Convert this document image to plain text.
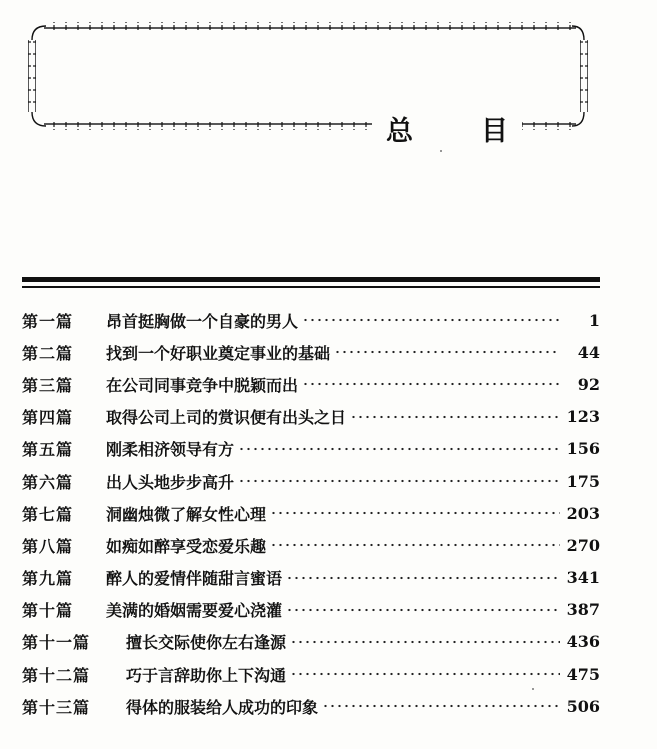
总	目
第一篇	昂首挺胸做一个自豪的男人	1
第二篇	找到一个好职业奠定事业的基础	44
第三篇	在公司同事竞争中脱颖而出	92
第四篇	取得公司上司的赏识便有出头之日	123
第五篇	刚柔相济领导有方	156
第六篇	出人头地步步高升	175
第七篇	洞幽烛微了解女性心理	203
第八篇	如痴如醉享受恋爱乐趣	270
第九篇	醉人的爱情伴随甜言蜜语	341
第十篇	美满的婚姻需要爱心浇灌	387
第十一篇	擅长交际使你左右逢源	436
第十二篇	巧于言辞助你上下沟通	475
第十三篇	得体的服装给人成功的印象	506
